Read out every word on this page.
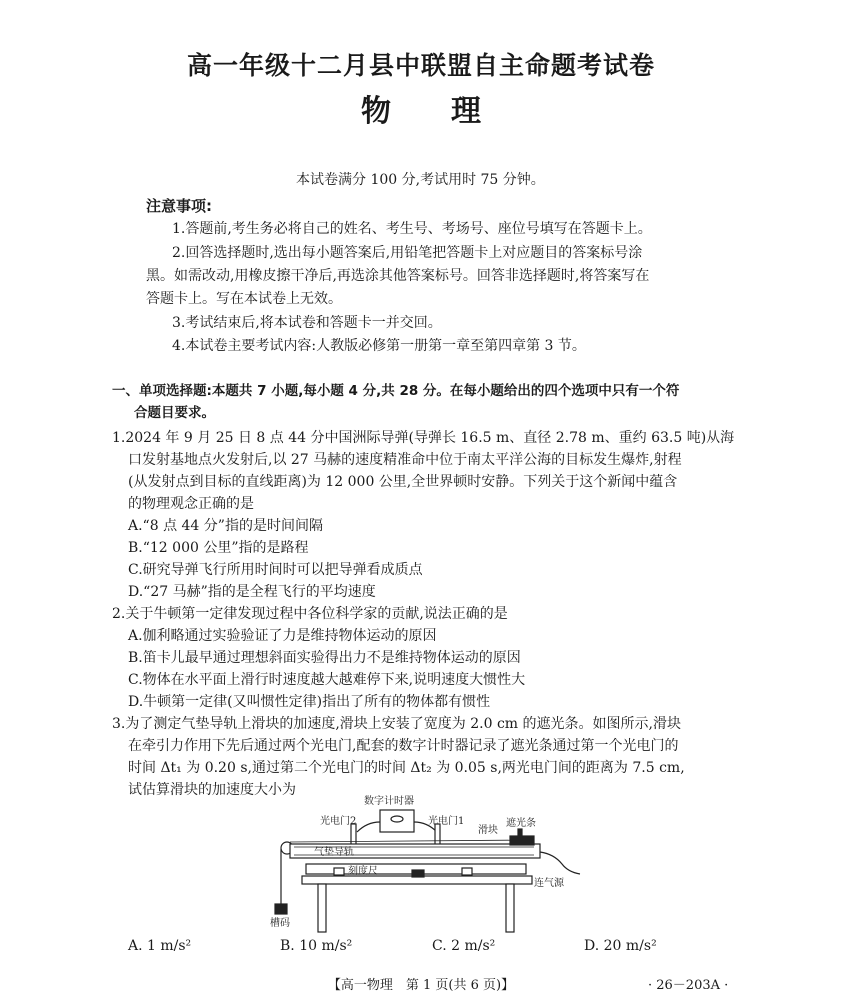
高一年级十二月县中联盟自主命题考试卷
物　　理
本试卷满分 100 分,考试用时 75 分钟。
注意事项:
1.答题前,考生务必将自己的姓名、考生号、考场号、座位号填写在答题卡上。
2.回答选择题时,选出每小题答案后,用铅笔把答题卡上对应题目的答案标号涂
黑。如需改动,用橡皮擦干净后,再选涂其他答案标号。回答非选择题时,将答案写在
答题卡上。写在本试卷上无效。
3.考试结束后,将本试卷和答题卡一并交回。
4.本试卷主要考试内容:人教版必修第一册第一章至第四章第 3 节。
一、单项选择题:本题共 7 小题,每小题 4 分,共 28 分。在每小题给出的四个选项中只有一个符
合题目要求。
1.2024 年 9 月 25 日 8 点 44 分中国洲际导弹(导弹长 16.5 m、直径 2.78 m、重约 63.5 吨)从海
口发射基地点火发射后,以 27 马赫的速度精准命中位于南太平洋公海的目标发生爆炸,射程
(从发射点到目标的直线距离)为 12 000 公里,全世界顿时安静。下列关于这个新闻中蕴含
的物理观念正确的是
A.“8 点 44 分”指的是时间间隔
B.“12 000 公里”指的是路程
C.研究导弹飞行所用时间时可以把导弹看成质点
D.“27 马赫”指的是全程飞行的平均速度
2.关于牛顿第一定律发现过程中各位科学家的贡献,说法正确的是
A.伽利略通过实验验证了力是维持物体运动的原因
B.笛卡儿最早通过理想斜面实验得出力不是维持物体运动的原因
C.物体在水平面上滑行时速度越大越难停下来,说明速度大惯性大
D.牛顿第一定律(又叫惯性定律)指出了所有的物体都有惯性
3.为了测定气垫导轨上滑块的加速度,滑块上安装了宽度为 2.0 cm 的遮光条。如图所示,滑块
在牵引力作用下先后通过两个光电门,配套的数字计时器记录了遮光条通过第一个光电门的
时间 Δt₁ 为 0.20 s,通过第二个光电门的时间 Δt₂ 为 0.05 s,两光电门间的距离为 7.5 cm,
试估算滑块的加速度大小为
数字计时器
光电门2	光电门1
滑块
遮光条
气垫导轨
刻度尺
连气源
槽码
A. 1 m/s²	B. 10 m/s²	C. 2 m/s²	D. 20 m/s²
【高一物理　第 1 页(共 6 页)】	· 26－203A ·
